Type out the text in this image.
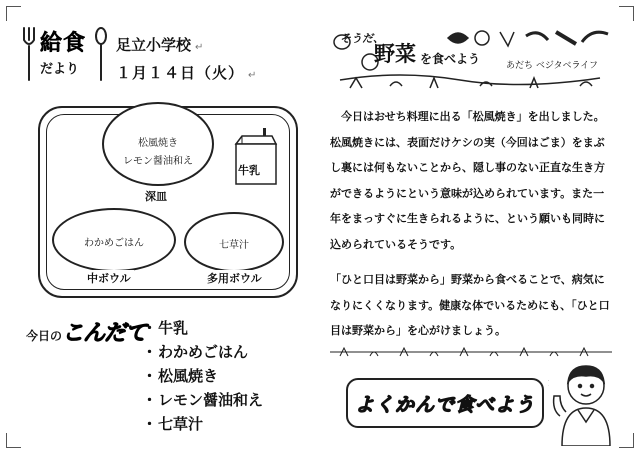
給食
だより
足立小学校 ↵
１月１４日（火） ↵
松風焼き
レモン醤油和え
深皿
わかめごはん
中ボウル
七草汁
多用ボウル
牛乳
今日のこんだて
・牛乳
・わかめごはん
・松風焼き
・レモン醤油和え
・七草汁
そうだ、
野菜 を食べよう	あだち ベジタベライフ

今日はおせち料理に出る「松風焼き」を出しました。松風焼きには、表面だけケシの実（今回はごま）をまぶし裏には何もないことから、隠し事のない正直な生き方ができるようにという意味が込められています。また一年をまっすぐに生きられるように、という願いも同時に込められているそうです。

「ひと口目は野菜から」野菜から食べることで、病気になりにくくなります。健康な体でいるためにも、「ひと口目は野菜から」を心がけましょう。

よくかんで食べよう
